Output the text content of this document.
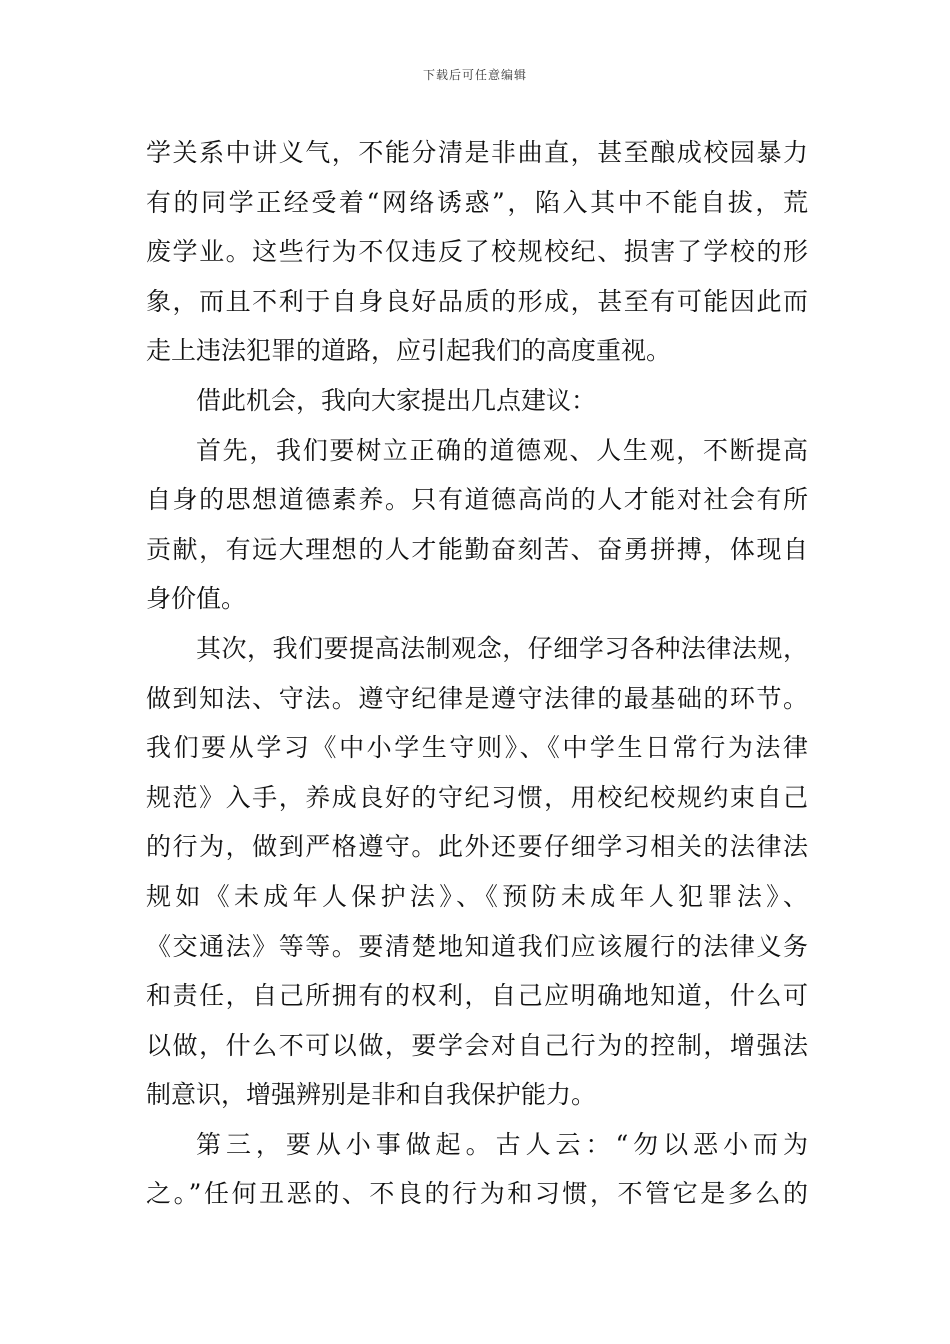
下载后可任意编辑
学关系中讲义气，不能分清是非曲直，甚至酿成校园暴力
有的同学正经受着“网络诱惑”，陷入其中不能自拔，荒
废学业。这些行为不仅违反了校规校纪、损害了学校的形
象，而且不利于自身良好品质的形成，甚至有可能因此而
走上违法犯罪的道路，应引起我们的高度重视。
借此机会，我向大家提出几点建议：
首先，我们要树立正确的道德观、人生观，不断提高
自身的思想道德素养。只有道德高尚的人才能对社会有所
贡献，有远大理想的人才能勤奋刻苦、奋勇拼搏，体现自
身价值。
其次，我们要提高法制观念，仔细学习各种法律法规，
做到知法、守法。遵守纪律是遵守法律的最基础的环节。
我们要从学习《中小学生守则》、《中学生日常行为法律
规范》入手，养成良好的守纪习惯，用校纪校规约束自己
的行为，做到严格遵守。此外还要仔细学习相关的法律法
规如《未成年人保护法》、《预防未成年人犯罪法》、
《交通法》等等。要清楚地知道我们应该履行的法律义务
和责任，自己所拥有的权利，自己应明确地知道，什么可
以做，什么不可以做，要学会对自己行为的控制，增强法
制意识，增强辨别是非和自我保护能力。
第三，要从小事做起。古人云：“勿以恶小而为
之。”任何丑恶的、不良的行为和习惯，不管它是多么的
